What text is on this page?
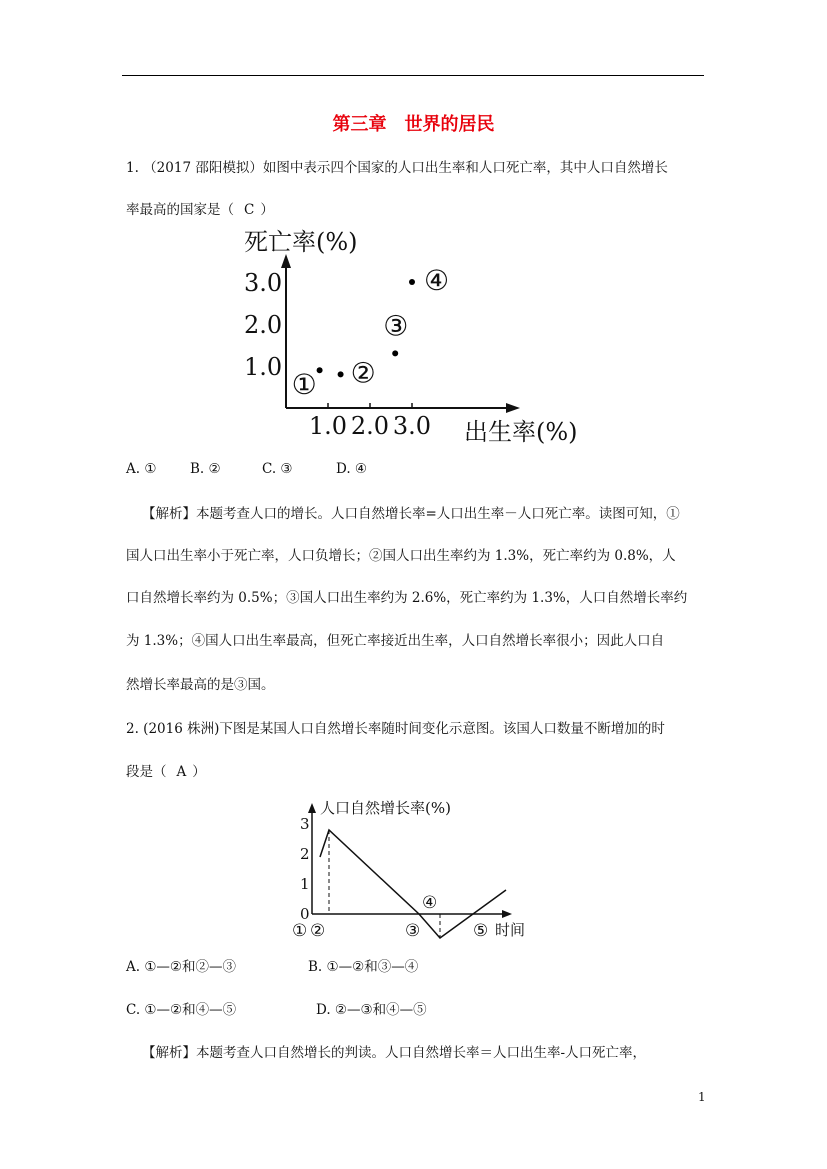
第三章 世界的居民
1. （2017 邵阳模拟）如图中表示四个国家的人口出生率和人口死亡率，其中人口自然增长
率最高的国家是（ C ）
死亡率(%)
出生率(%)
1.0
2.0
3.0
1.0 2.0 3.0
① ②
③
④
A. ① B. ②	C. ③	D. ④
【解析】本题考查人口的增长。人口自然增长率=人口出生率－人口死亡率。读图可知，①
国人口出生率小于死亡率，人口负增长；②国人口出生率约为 1.3%，死亡率约为 0.8%，人
口自然增长率约为 0.5%；③国人口出生率约为 2.6%，死亡率约为 1.3%，人口自然增长率约
为 1.3%；④国人口出生率最高，但死亡率接近出生率，人口自然增长率很小；因此人口自
然增长率最高的是③国。
2. (2016 株洲)下图是某国人口自然增长率随时间变化示意图。该国人口数量不断增加的时
段是（ A ）
人口自然增长率(%)
时间
3
2
1
0
① ②	③
④
⑤
A. ①—②和②—③	B. ①—②和③—④
C. ①—②和④—⑤	D. ②—③和④—⑤
【解析】本题考查人口自然增长的判读。人口自然增长率＝人口出生率-人口死亡率，
1
